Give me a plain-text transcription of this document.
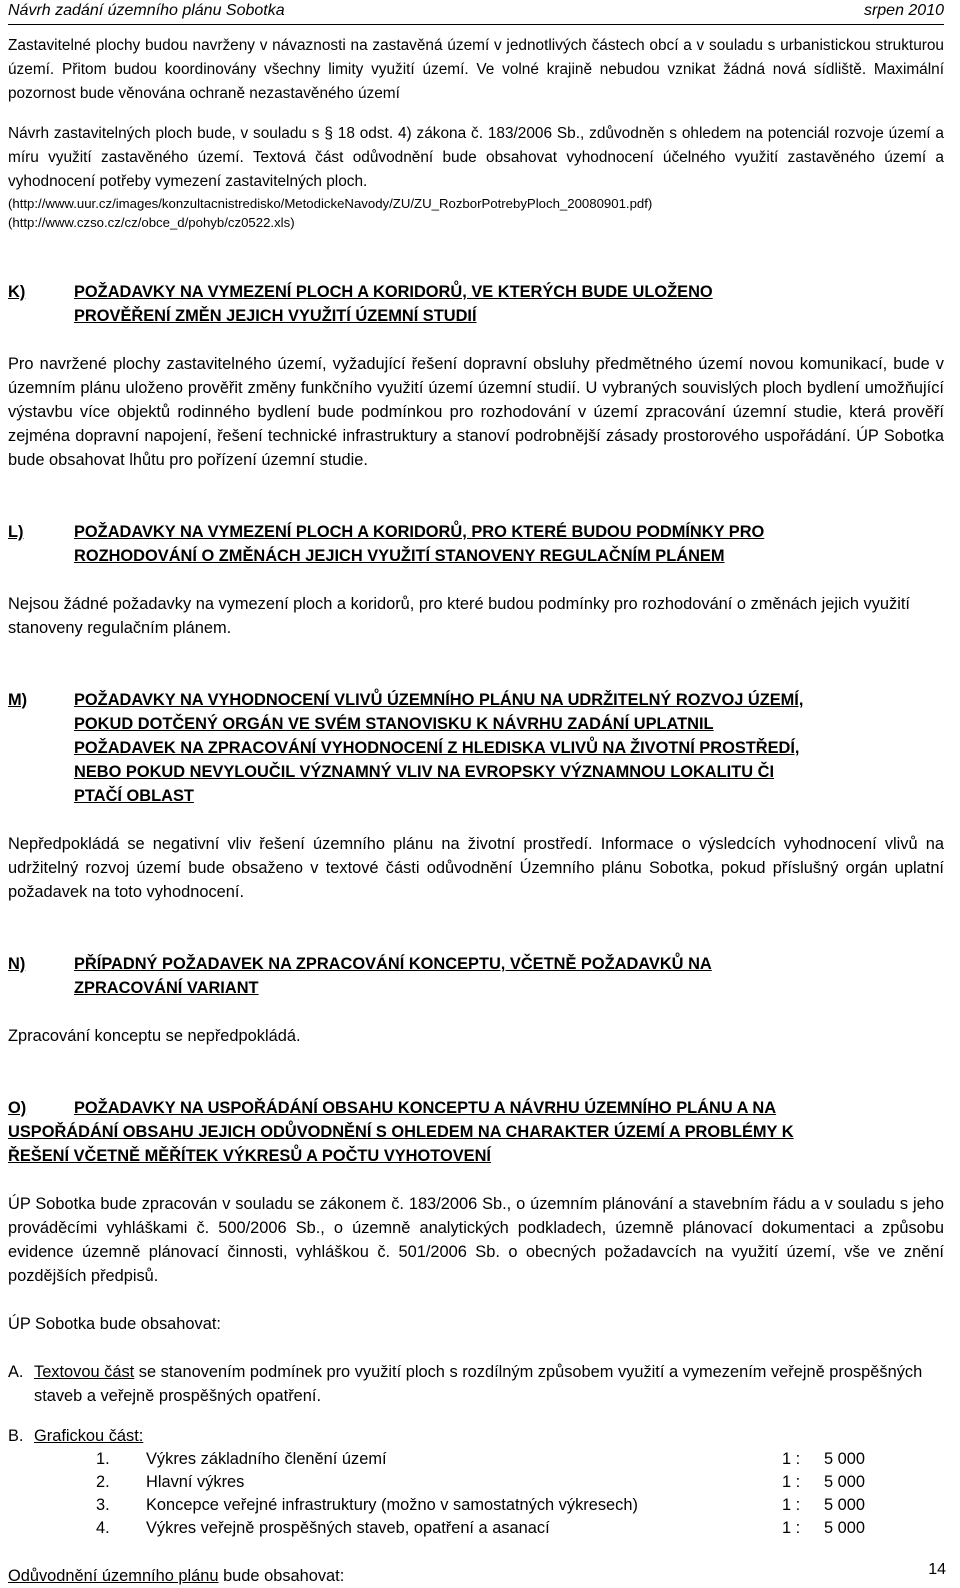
Návrh zadání územního plánu Sobotka	srpen 2010

Zastavitelné plochy budou navrženy v návaznosti na zastavěná území v jednotlivých částech obcí a v souladu s urbanistickou strukturou území. Přitom budou koordinovány všechny limity využití území. Ve volné krajině nebudou vznikat žádná nová sídliště. Maximální pozornost bude věnována ochraně nezastavěného území

Návrh zastavitelných ploch bude, v souladu s § 18 odst. 4) zákona č. 183/2006 Sb., zdůvodněn s ohledem na potenciál rozvoje území a míru využití zastavěného území. Textová část odůvodnění bude obsahovat vyhodnocení účelného využití zastavěného území a vyhodnocení potřeby vymezení zastavitelných ploch.

(http://www.uur.cz/images/konzultacnistredisko/MetodickeNavody/ZU/ZU_RozborPotrebyPloch_20080901.pdf)
(http://www.czso.cz/cz/obce_d/pohyb/cz0522.xls)
K)	POŽADAVKY NA VYMEZENÍ PLOCH A KORIDORŮ, VE KTERÝCH BUDE ULOŽENO
PROVĚŘENÍ ZMĚN JEJICH VYUŽITÍ ÚZEMNÍ STUDIÍ

Pro navržené plochy zastavitelného území, vyžadující řešení dopravní obsluhy předmětného území novou komunikací, bude v územním plánu uloženo prověřit změny funkčního využití území územní studií. U vybraných souvislých ploch bydlení umožňující výstavbu více objektů rodinného bydlení bude podmínkou pro rozhodování v území zpracování územní studie, která prověří zejména dopravní napojení, řešení technické infrastruktury a stanoví podrobnější zásady prostorového uspořádání. ÚP Sobotka bude obsahovat lhůtu pro pořízení územní studie.

L)	POŽADAVKY NA VYMEZENÍ PLOCH A KORIDORŮ, PRO KTERÉ BUDOU PODMÍNKY PRO
ROZHODOVÁNÍ O ZMĚNÁCH JEJICH VYUŽITÍ STANOVENY REGULAČNÍM PLÁNEM

Nejsou žádné požadavky na vymezení ploch a koridorů, pro které budou podmínky pro rozhodování o změnách jejich využití stanoveny regulačním plánem.

M)	POŽADAVKY NA VYHODNOCENÍ VLIVŮ ÚZEMNÍHO PLÁNU NA UDRŽITELNÝ ROZVOJ ÚZEMÍ,
POKUD DOTČENÝ ORGÁN VE SVÉM STANOVISKU K NÁVRHU ZADÁNÍ UPLATNIL
POŽADAVEK NA ZPRACOVÁNÍ VYHODNOCENÍ Z HLEDISKA VLIVŮ NA ŽIVOTNÍ PROSTŘEDÍ,
NEBO POKUD NEVYLOUČIL VÝZNAMNÝ VLIV NA EVROPSKY VÝZNAMNOU LOKALITU ČI
PTAČÍ OBLAST

Nepředpokládá se negativní vliv řešení územního plánu na životní prostředí. Informace o výsledcích vyhodnocení vlivů na udržitelný rozvoj území bude obsaženo v textové části odůvodnění Územního plánu Sobotka, pokud příslušný orgán uplatní požadavek na toto vyhodnocení.

N)	PŘÍPADNÝ POŽADAVEK NA ZPRACOVÁNÍ KONCEPTU, VČETNĚ POŽADAVKŮ NA
ZPRACOVÁNÍ VARIANT

Zpracování konceptu se nepředpokládá.

O)	POŽADAVKY NA USPOŘÁDÁNÍ OBSAHU KONCEPTU A NÁVRHU ÚZEMNÍHO PLÁNU A NA
USPOŘÁDÁNÍ OBSAHU JEJICH ODŮVODNĚNÍ S OHLEDEM NA CHARAKTER ÚZEMÍ A PROBLÉMY K
ŘEŠENÍ VČETNĚ MĚŘÍTEK VÝKRESŮ A POČTU VYHOTOVENÍ

ÚP Sobotka bude zpracován v souladu se zákonem č. 183/2006 Sb., o územním plánování a stavebním řádu a v souladu s jeho prováděcími vyhláškami č. 500/2006 Sb., o územně analytických podkladech, územně plánovací dokumentaci a způsobu evidence územně plánovací činnosti, vyhláškou č. 501/2006 Sb. o obecných požadavcích na využití území, vše ve znění pozdějších předpisů.

ÚP Sobotka bude obsahovat:

A. Textovou část se stanovením podmínek pro využití ploch s rozdílným způsobem využití a vymezením veřejně prospěšných staveb a veřejně prospěšných opatření.
B. Grafickou část:
1.	Výkres základního členění území	1 :	5 000
2.	Hlavní výkres	1 :	5 000
3.	Koncepce veřejné infrastruktury (možno v samostatných výkresech)	1 :	5 000
4.	Výkres veřejně prospěšných staveb, opatření a asanací	1 :	5 000

Odůvodnění územního plánu bude obsahovat:	14
